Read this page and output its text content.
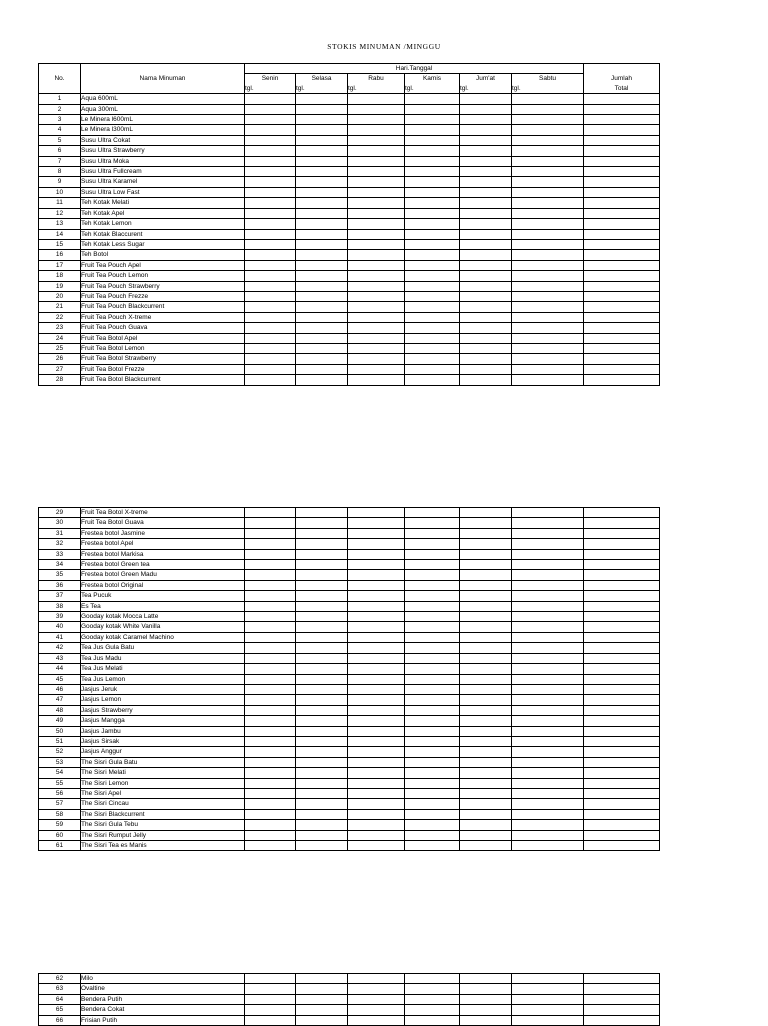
STOKIS MINUMAN /MINGGU
No.	Nama Minuman	Hari.Tanggal						
		Senin	Selasa	Rabu	Kamis	Jum'at	Sabtu	Jumlah
		tgl.	tgl.	tgl.	tgl.	tgl.	tgl.	Total
1	Aqua 600mL							
2	Aqua 300mL							
3	Le Minera l600mL							
4	Le Minera l300mL							
5	Susu Ultra Cokat							
6	Susu Ultra Strawberry							
7	Susu Ultra Moka							
8	Susu Ultra Fullcream							
9	Susu Ultra Karamel							
10	Susu Ultra Low Fast							
11	Teh Kotak Melati							
12	Teh Kotak Apel							
13	Teh Kotak Lemon							
14	Teh Kotak Blaccurent							
15	Teh Kotak Less Sugar							
16	Teh Botol							
17	Fruit Tea Pouch Apel							
18	Fruit Tea Pouch Lemon							
19	Fruit Tea Pouch Strawberry							
20	Fruit Tea Pouch Frezze							
21	Fruit Tea Pouch Blackcurrent							
22	Fruit Tea Pouch X-treme							
23	Fruit Tea Pouch Guava							
24	Fruit Tea Botol Apel							
25	Fruit Tea Botol Lemon							
26	Fruit Tea Botol Strawberry							
27	Fruit Tea Botol Frezze							
28	Fruit Tea Botol Blackcurrent							
29	Fruit Tea Botol X-treme							
30	Fruit Tea Botol Guava							
31	Frestea botol Jasmine							
32	Frestea botol Apel							
33	Frestea botol Markisa							
34	Frestea botol Green tea							
35	Frestea botol Green Madu							
36	Frestea botol Original							
37	Tea Pucuk							
38	Es Tea							
39	Gooday kotak Mocca Latte							
40	Gooday kotak White Vanilla							
41	Gooday kotak Caramel Machino							
42	Tea Jus Gula Batu							
43	Tea Jus Madu							
44	Tea Jus Melati							
45	Tea Jus Lemon							
46	Jasjus Jeruk							
47	Jasjus Lemon							
48	Jasjus Strawberry							
49	Jasjus Mangga							
50	Jasjus Jambu							
51	Jasjus Sirsak							
52	Jasjus Anggur							
53	The Sisri Gula Batu							
54	The Sisri Melati							
55	The Sisri Lemon							
56	The Sisri Apel							
57	The Sisri Cincau							
58	The Sisri Blackcurrent							
59	The Sisri Gula Tebu							
60	The Sisri Rumput Jelly							
61	The Sisri Tea es Manis							
62	Milo							
63	Ovaltine							
64	Bendera Putih							
65	Bendera Cokat							
66	Frisian Putih							
